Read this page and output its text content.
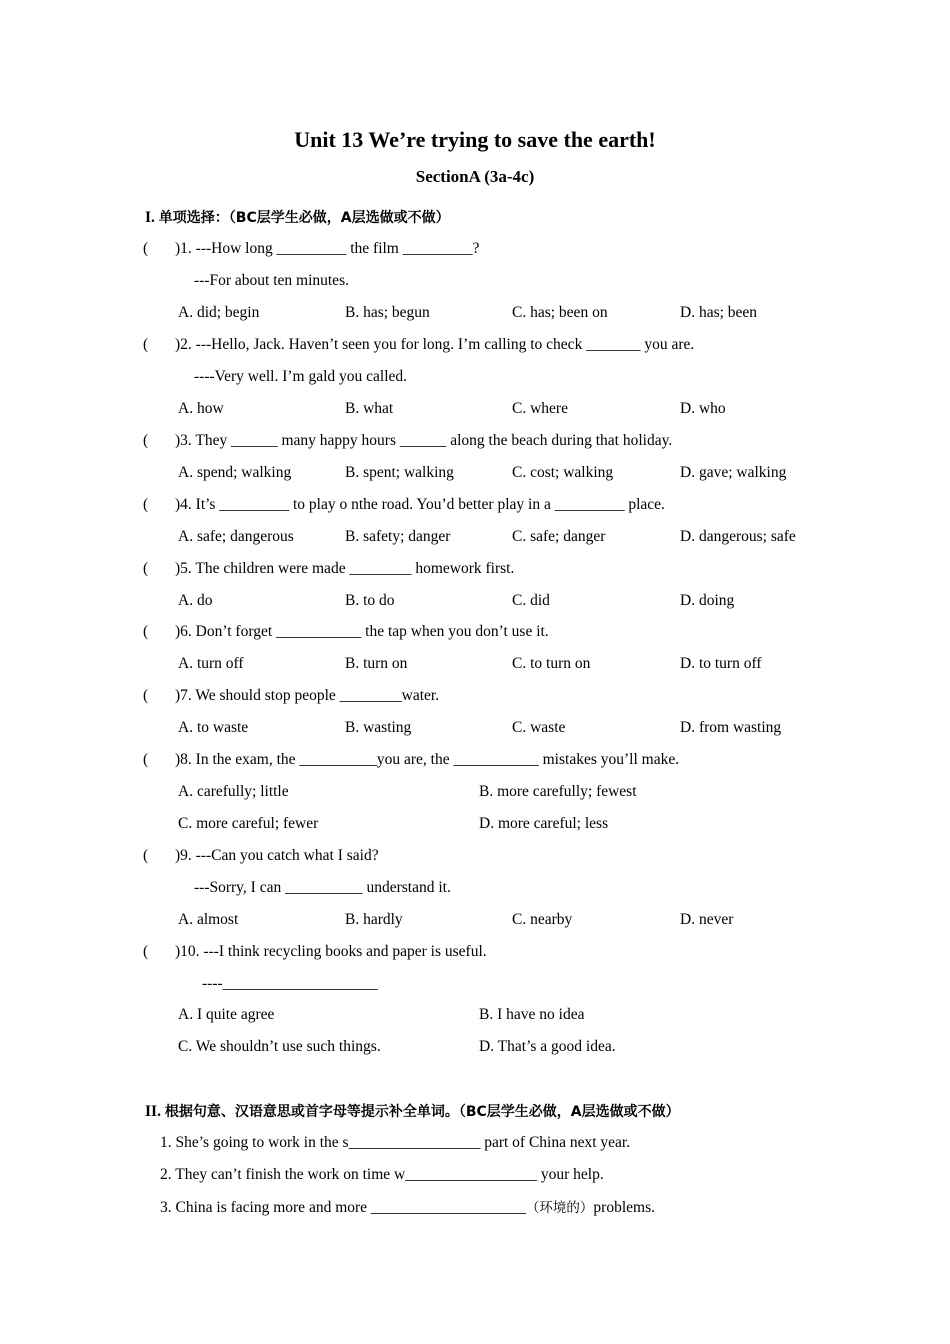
Unit 13 We’re trying to save the earth!
SectionA (3a-4c)
I. 单项选择：（BC层学生必做，A层选做或不做）
( )1. ---How long _________ the film _________?
---For about ten minutes.
A. did; begin	B. has; begun	C. has; been on	D. has; been
( )2. ---Hello, Jack. Haven’t seen you for long. I’m calling to check _______ you are.
----Very well. I’m gald you called.
A. how	B. what	C. where	D. who
( )3. They ______ many happy hours ______ along the beach during that holiday.
A. spend; walking	B. spent; walking	C. cost; walking	D. gave; walking
( )4. It’s _________ to play o nthe road. You’d better play in a _________ place.
A. safe; dangerous	B. safety; danger	C. safe; danger	D. dangerous; safe
( )5. The children were made ________ homework first.
A. do	B. to do	C. did	D. doing
( )6. Don’t forget ___________ the tap when you don’t use it.
A. turn off	B. turn on	C. to turn on	D. to turn off
( )7. We should stop people ________water.
A. to waste	B. wasting	C. waste	D. from wasting
( )8. In the exam, the __________you are, the ___________ mistakes you’ll make.
A. carefully; little	B. more carefully; fewest
C. more careful; fewer	D. more careful; less
( )9. ---Can you catch what I said?
---Sorry, I can __________ understand it.
A. almost	B. hardly	C. nearby	D. never
( )10. ---I think recycling books and paper is useful.
----____________________
A. I quite agree	B. I have no idea
C. We shouldn’t use such things.	D. That’s a good idea.
II. 根据句意、汉语意思或首字母等提示补全单词。（BC层学生必做，A层选做或不做）
1. She’s going to work in the s_________________ part of China next year.
2. They can’t finish the work on time w_________________ your help.
3. China is facing more and more ____________________（环境的）problems.
